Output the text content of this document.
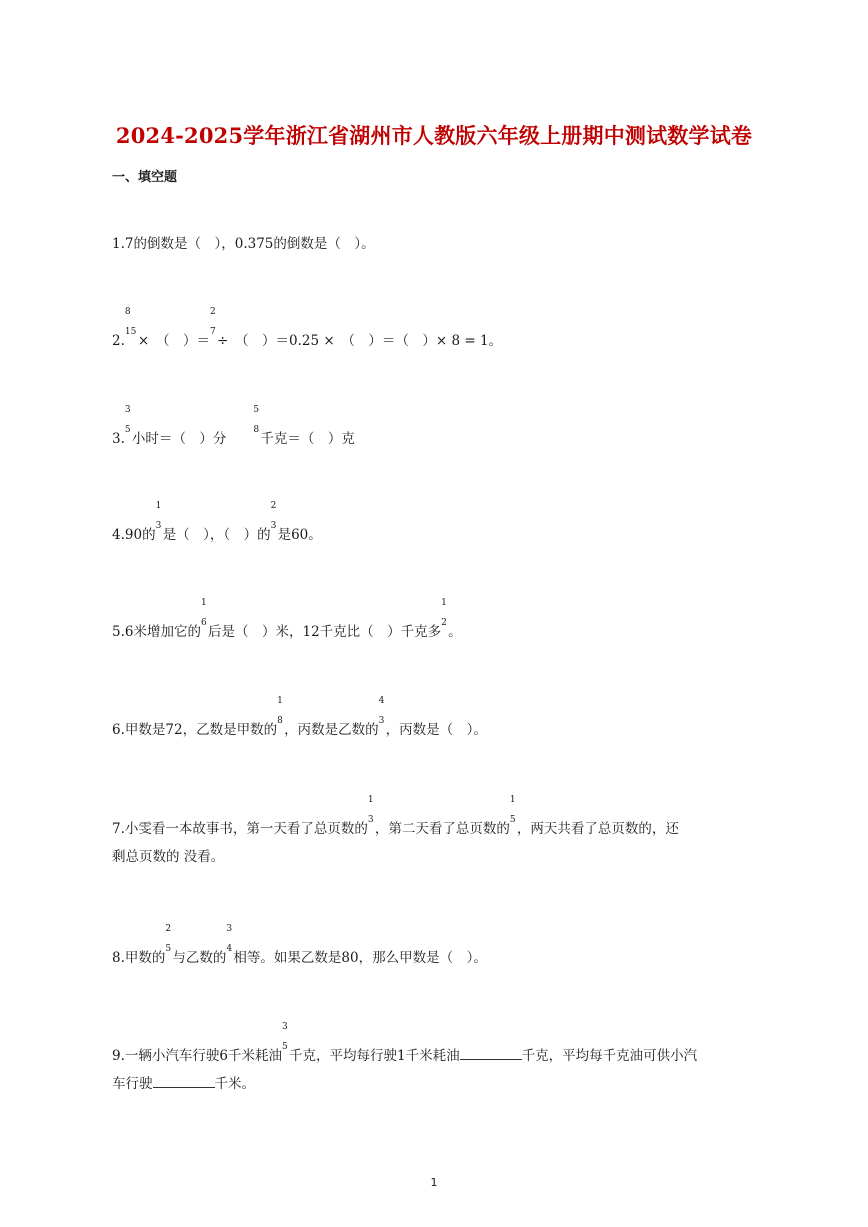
2024-2025学年浙江省湖州市人教版六年级上册期中测试数学试卷
一、填空题
1.7的倒数是（　），0.375的倒数是（　）。
2.
8
15
×　（　）＝
2
7
÷　（　）＝0.25 ×　（　）＝（　）× 8 = 1。
3.
3
5
小时＝（　）分　　
5
8
千克＝（　）克
4.90的
1
3
是（　），（　）的
2
3
是60。
5.6米增加它的
1
6
后是（　）米，12千克比（　）千克多
1
2
。
6.甲数是72，乙数是甲数的
1
8
，丙数是乙数的
4
3
，丙数是（　）。
7.小雯看一本故事书，第一天看了总页数的
1
3
，第二天看了总页数的
1
5
，两天共看了总页数的，还
剩总页数的 没看。
8.甲数的
2
5
与乙数的
3
4
相等。如果乙数是80，那么甲数是（　）。
9.一辆小汽车行驶6千米耗油
3
5
千克，平均每行驶1千米耗油	千克，平均每千克油可供小汽
车行驶	千米。
1
